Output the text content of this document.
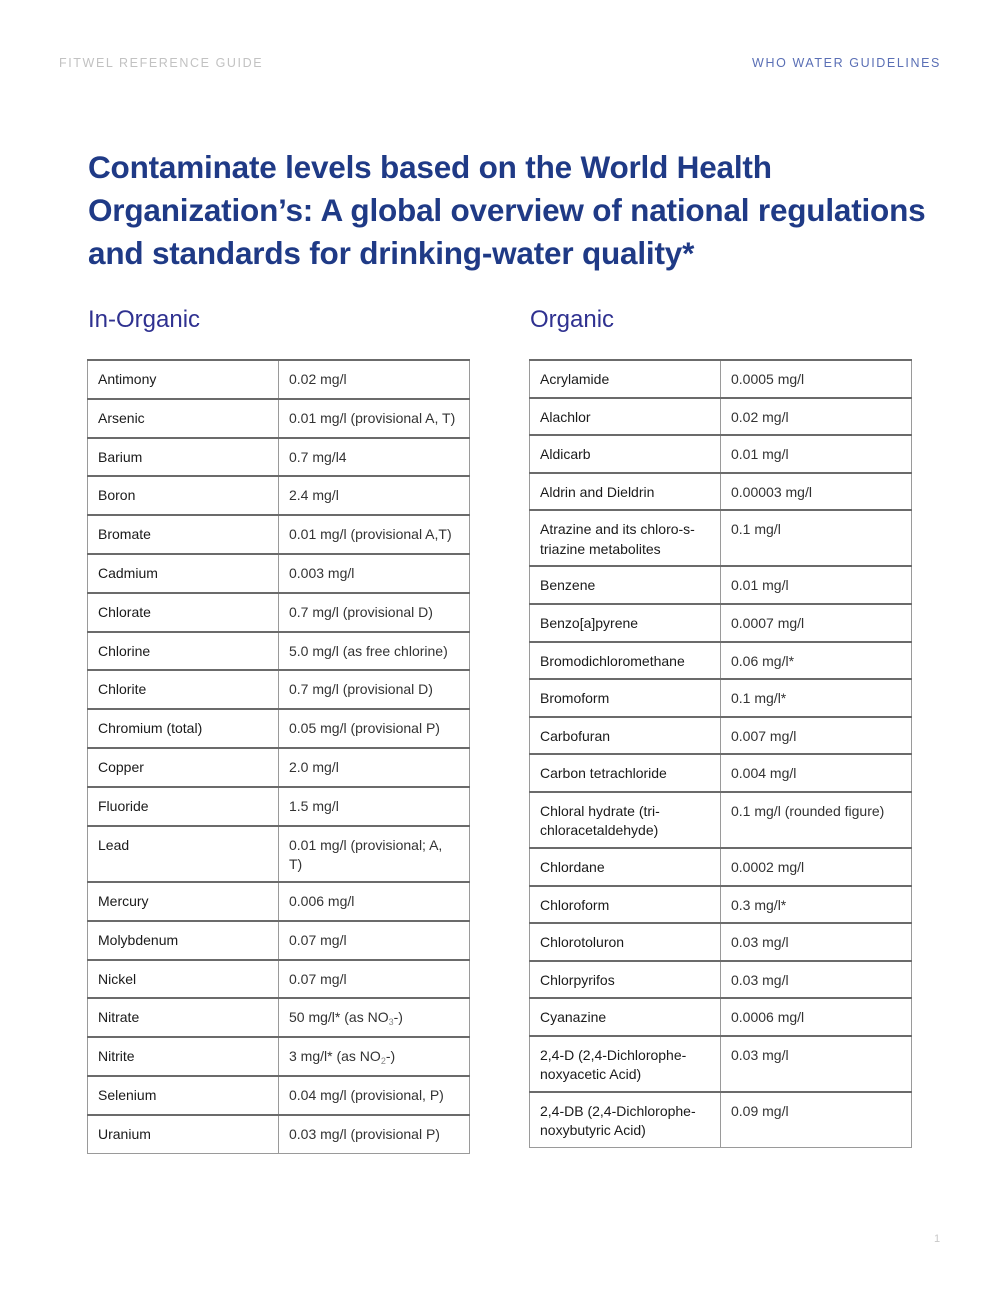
FITWEL REFERENCE GUIDE	WHO WATER GUIDELINES
Contaminate levels based on the World Health Organization’s: A global overview of national regulations and standards for drinking-water quality*
In-Organic	Organic
Antimony	0.02 mg/l
Arsenic	0.01 mg/l (provisional A, T)
Barium	0.7 mg/l4
Boron	2.4 mg/l
Bromate	0.01 mg/l (provisional A,T)
Cadmium	0.003 mg/l
Chlorate	0.7 mg/l (provisional D)
Chlorine	5.0 mg/l (as free chlorine)
Chlorite	0.7 mg/l (provisional D)
Chromium (total)	0.05 mg/l (provisional P)
Copper	2.0 mg/l
Fluoride	1.5 mg/l
Lead	0.01 mg/l (provisional; A, T)
Mercury	0.006 mg/l
Molybdenum	0.07 mg/l
Nickel	0.07 mg/l
Nitrate	50 mg/l* (as $NO_3-$)
Nitrite	3 mg/l* (as $NO_2-$)
Selenium	0.04 mg/l (provisional, P)
Uranium	0.03 mg/l (provisional P)
Acrylamide	0.0005 mg/l
Alachlor	0.02 mg/l
Aldicarb	0.01 mg/l
Aldrin and Dieldrin	0.00003 mg/l
Atrazine and its chloro-s-triazine metabolites	0.1 mg/l
Benzene	0.01 mg/l
Benzo[a]pyrene	0.0007 mg/l
Bromodichloromethane	0.06 mg/l*
Bromoform	0.1 mg/l*
Carbofuran	0.007 mg/l
Carbon tetrachloride	0.004 mg/l
Chloral hydrate (tri-chloracetaldehyde)	0.1 mg/l (rounded figure)
Chlordane	0.0002 mg/l
Chloroform	0.3 mg/l*
Chlorotoluron	0.03 mg/l
Chlorpyrifos	0.03 mg/l
Cyanazine	0.0006 mg/l
2,4-D (2,4-Dichlorophe-noxyacetic Acid)	0.03 mg/l
2,4-DB (2,4-Dichlorophe-noxybutyric Acid)	0.09 mg/l
1
